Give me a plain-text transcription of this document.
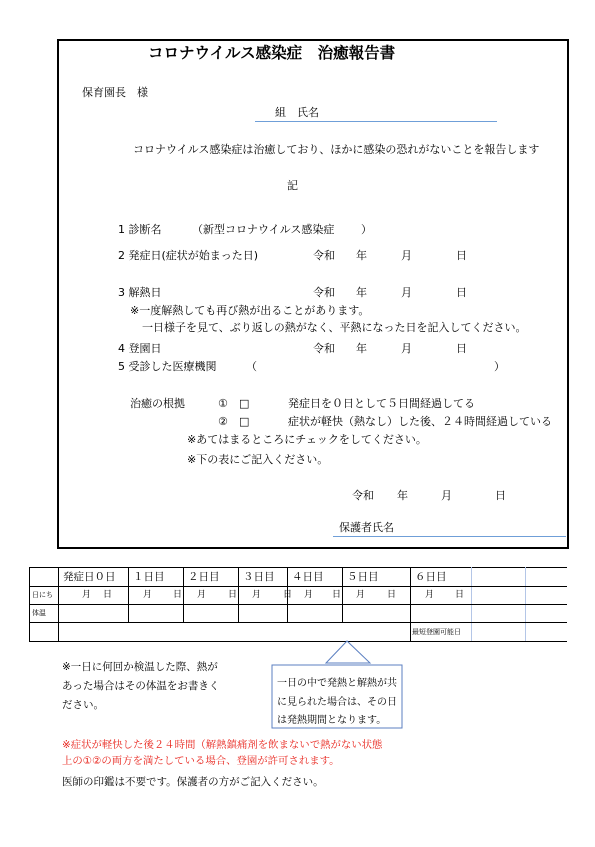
コロナウイルス感染症　治癒報告書
保育園長　様
組　氏名
コロナウイルス感染症は治癒しており、ほかに感染の恐れがないことを報告します
記
1 診断名	（ 新型コロナウイルス感染症 ）
2 発症日(症状が始まった日)	令和 年	月	日
3 解熱日	令和 年	月	日
※一度解熱しても再び熱が出ることがあります。
一日様子を見て、ぶり返しの熱がなく、平熱になった日を記入してください。
4 登園日	令和 年	月	日
5 受診した医療機関	（	）
治癒の根拠	① □	発症日を０日として５日間経過してる
② □	症状が軽快（熱なし）した後、２４時間経過している
※あてはまるところにチェックをしてください。
※下の表にご記入ください。
令和 年	月	日
保護者氏名
	発症日０日	１日目	２日目	３日目	４日目	５日目	６日目		
日にち	月 日	月 日	月 日	月 日	月 日	月 日	月 日		

体温									
							最短登園可能日		
一日の中で発熱と解熱が共
に見られた場合は、その日
は発熱期間となります。
※一日に何回か検温した際、熱が
あった場合はその体温をお書きく
ださい。
※症状が軽快した後２４時間（解熱鎮痛剤を飲まないで熱がない状態
上の①②の両方を満たしている場合、登園が許可されます。
医師の印鑑は不要です。保護者の方がご記入ください。
